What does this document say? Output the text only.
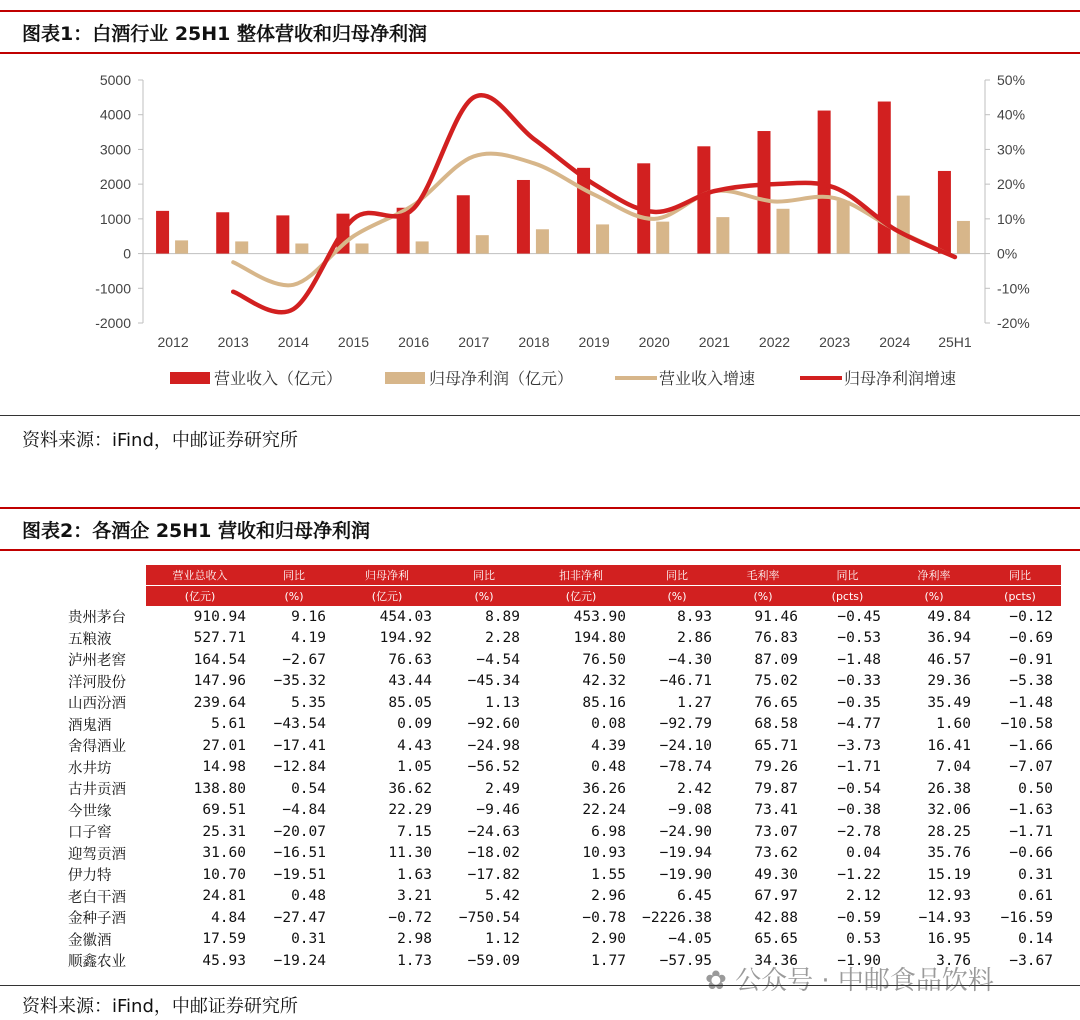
图表1：白酒行业 25H1 整体营收和归母净利润
5000
4000
3000
2000
1000
0
-1000
-2000
50%
40%
30%
20%
10%
0%
-10%
-20%
2012 2013 2014 2015 2016 2017 2018 2019 2020 2021 2022 2023 2024 25H1
营业收入（亿元）	归母净利润（亿元）	营业收入增速	归母净利润增速
资料来源：iFind，中邮证券研究所
图表2：各酒企 25H1 营收和归母净利润
	营业总收入	同比	归母净利	同比	扣非净利	同比	毛利率	同比	净利率	同比
	(亿元)	(%)	(亿元)	(%)	(亿元)	(%)	(%)	(pcts)	(%)	(pcts)
贵州茅台	910.94	9.16	454.03	8.89	453.90	8.93	91.46	−0.45	49.84	−0.12
五粮液	527.71	4.19	194.92	2.28	194.80	2.86	76.83	−0.53	36.94	−0.69
泸州老窖	164.54	−2.67	76.63	−4.54	76.50	−4.30	87.09	−1.48	46.57	−0.91
洋河股份	147.96	−35.32	43.44	−45.34	42.32	−46.71	75.02	−0.33	29.36	−5.38
山西汾酒	239.64	5.35	85.05	1.13	85.16	1.27	76.65	−0.35	35.49	−1.48
酒鬼酒	5.61	−43.54	0.09	−92.60	0.08	−92.79	68.58	−4.77	1.60	−10.58
舍得酒业	27.01	−17.41	4.43	−24.98	4.39	−24.10	65.71	−3.73	16.41	−1.66
水井坊	14.98	−12.84	1.05	−56.52	0.48	−78.74	79.26	−1.71	7.04	−7.07
古井贡酒	138.80	0.54	36.62	2.49	36.26	2.42	79.87	−0.54	26.38	0.50
今世缘	69.51	−4.84	22.29	−9.46	22.24	−9.08	73.41	−0.38	32.06	−1.63
口子窖	25.31	−20.07	7.15	−24.63	6.98	−24.90	73.07	−2.78	28.25	−1.71
迎驾贡酒	31.60	−16.51	11.30	−18.02	10.93	−19.94	73.62	0.04	35.76	−0.66
伊力特	10.70	−19.51	1.63	−17.82	1.55	−19.90	49.30	−1.22	15.19	0.31
老白干酒	24.81	0.48	3.21	5.42	2.96	6.45	67.97	2.12	12.93	0.61
金种子酒	4.84	−27.47	−0.72	−750.54	−0.78	−2226.38	42.88	−0.59	−14.93	−16.59
金徽酒	17.59	0.31	2.98	1.12	2.90	−4.05	65.65	0.53	16.95	0.14
顺鑫农业	45.93	−19.24	1.73	−59.09	1.77	−57.95	34.36	−1.90	3.76	−3.67
✿ 公众号 · 中邮食品饮料
资料来源：iFind，中邮证券研究所
